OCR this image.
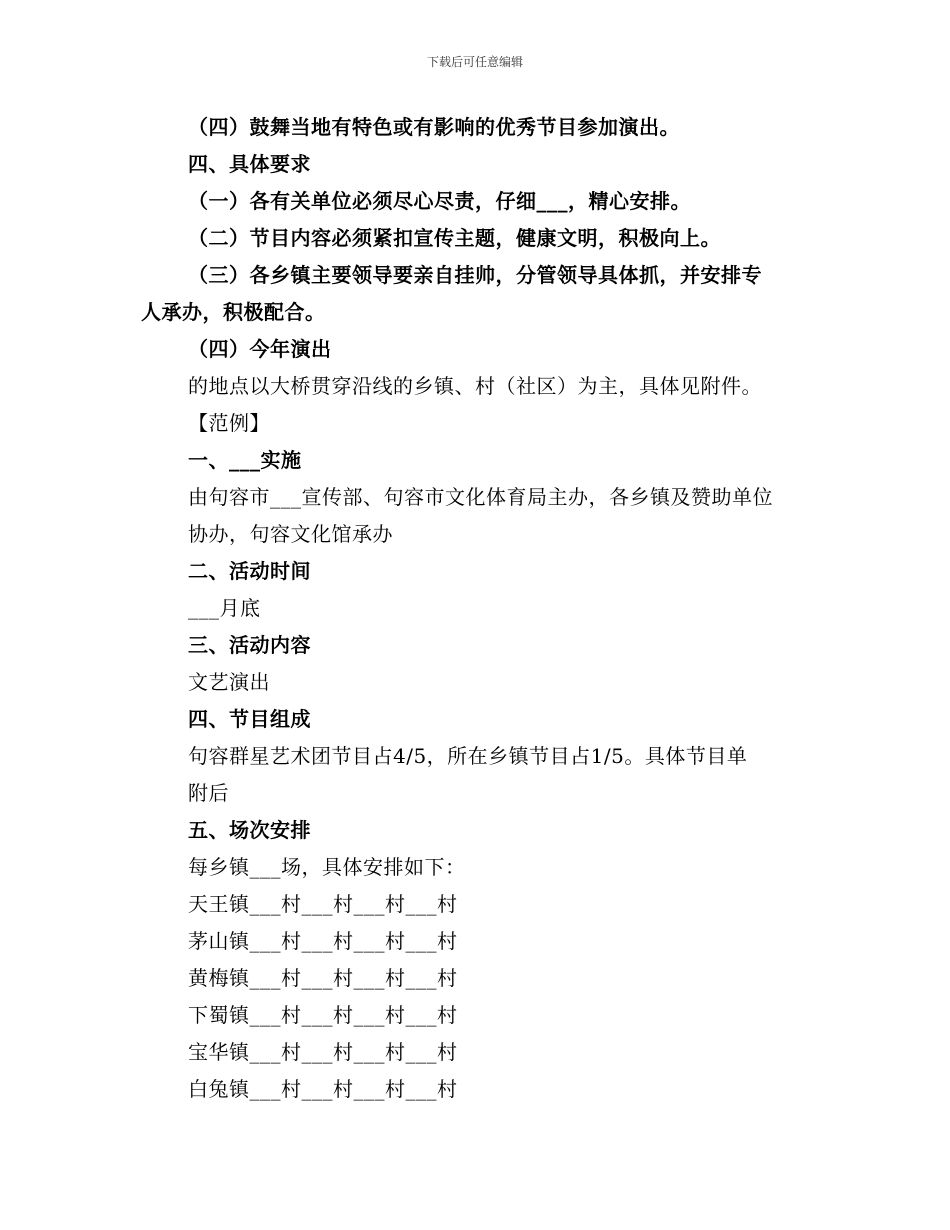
下载后可任意编辑
（四）鼓舞当地有特色或有影响的优秀节目参加演出。
四、具体要求
（一）各有关单位必须尽心尽责，仔细___，精心安排。
（二）节目内容必须紧扣宣传主题，健康文明，积极向上。
（三）各乡镇主要领导要亲自挂帅，分管领导具体抓，并安排专
人承办，积极配合。
（四）今年演出
的地点以大桥贯穿沿线的乡镇、村（社区）为主，具体见附件。
【范例】
一、___实施
由句容市___宣传部、句容市文化体育局主办，各乡镇及赞助单位
协办，句容文化馆承办
二、活动时间
___月底
三、活动内容
文艺演出
四、节目组成
句容群星艺术团节目占4/5，所在乡镇节目占1/5。具体节目单
附后
五、场次安排
每乡镇___场，具体安排如下：
天王镇___村___村___村___村
茅山镇___村___村___村___村
黄梅镇___村___村___村___村
下蜀镇___村___村___村___村
宝华镇___村___村___村___村
白兔镇___村___村___村___村
